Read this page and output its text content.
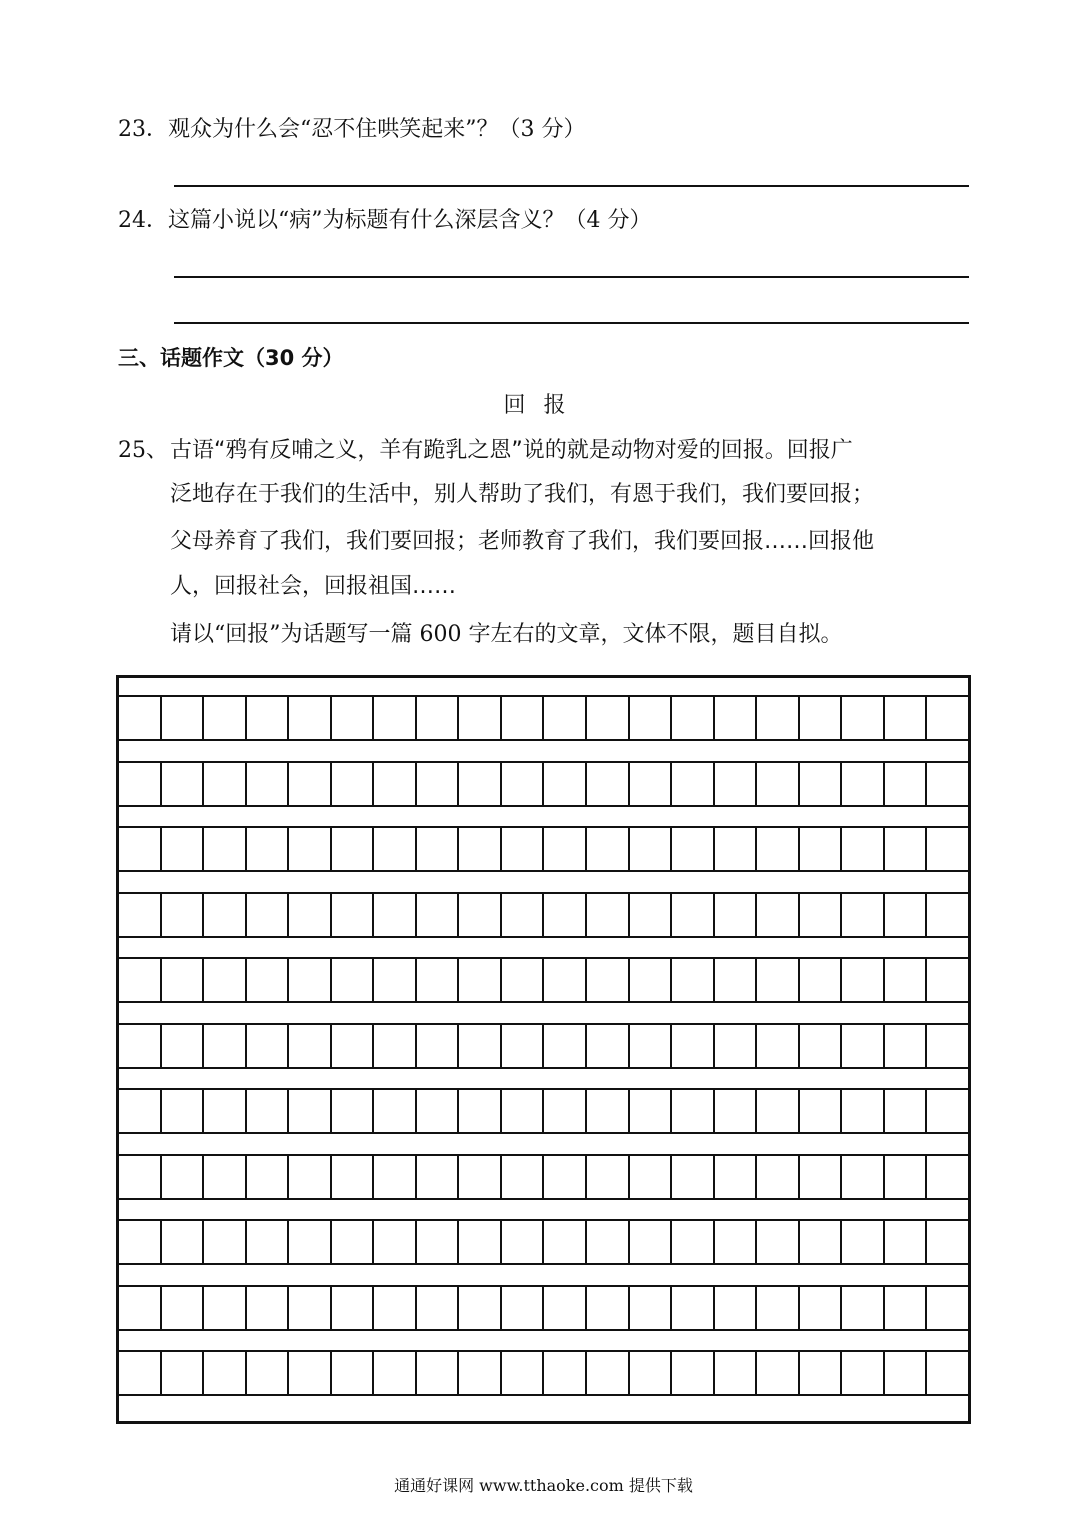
23．观众为什么会“忍不住哄笑起来”？（3 分）
24．这篇小说以“病”为标题有什么深层含义？（4 分）
三、话题作文（30 分）
回报
25、 古语“鸦有反哺之义，羊有跪乳之恩”说的就是动物对爱的回报。回报广
泛地存在于我们的生活中，别人帮助了我们，有恩于我们，我们要回报；
父母养育了我们，我们要回报；老师教育了我们，我们要回报……回报他
人，回报社会，回报祖国……
请以“回报”为话题写一篇 600 字左右的文章，文体不限，题目自拟。
通通好课网 www.tthaoke.com 提供下载
